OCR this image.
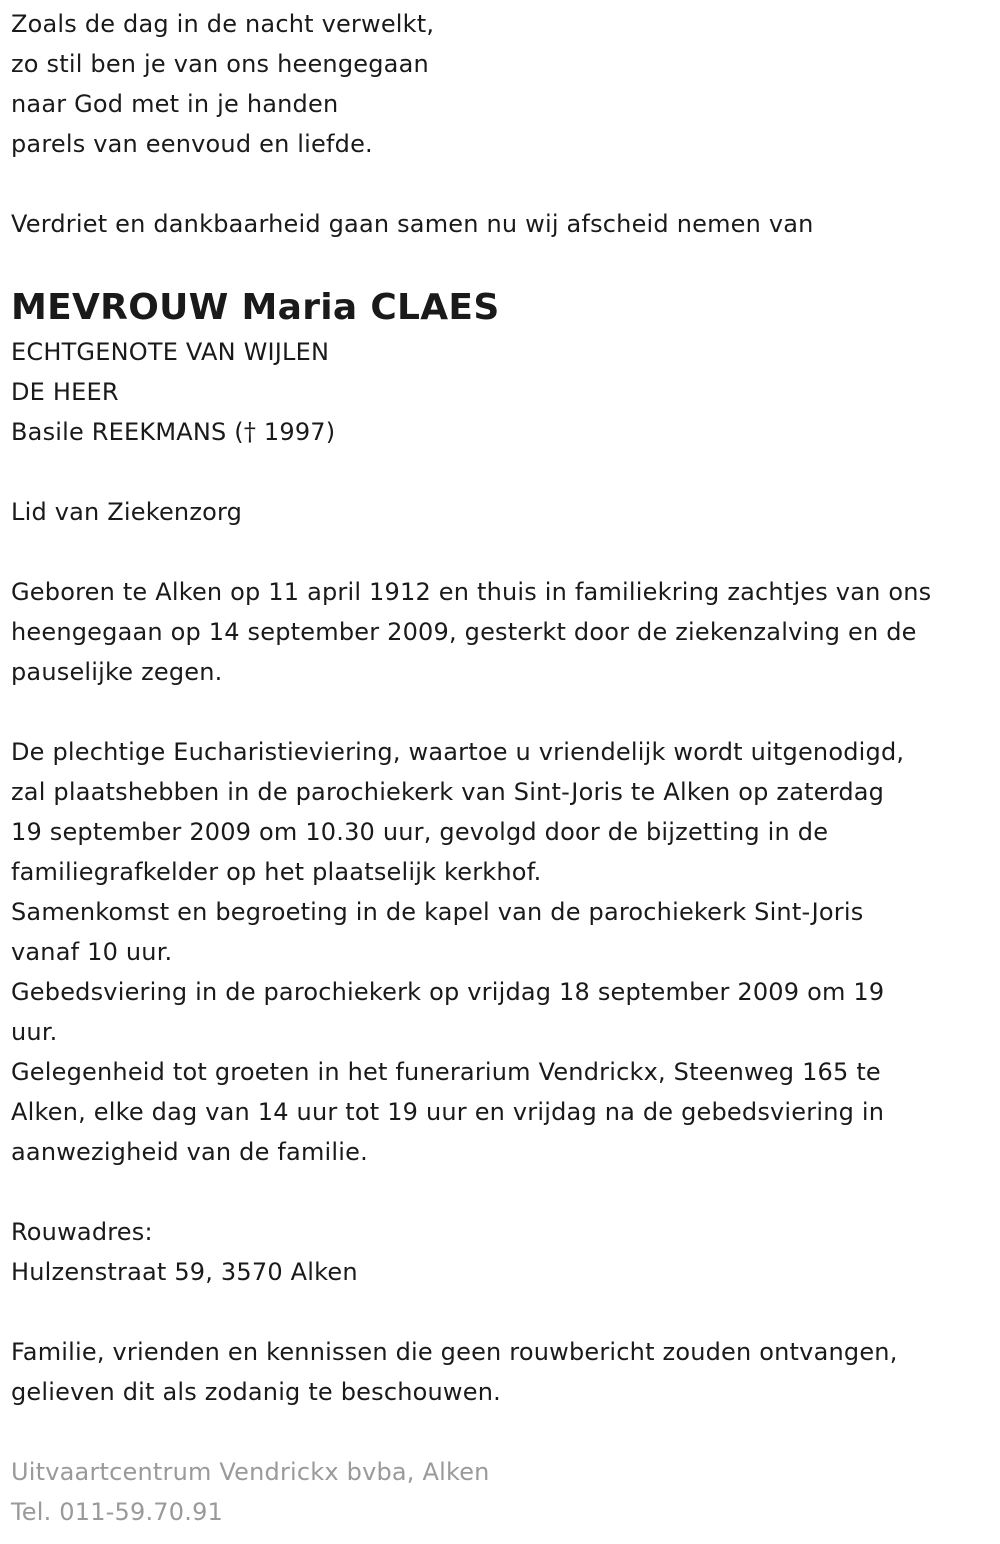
Zoals de dag in de nacht verwelkt,
zo stil ben je van ons heengegaan
naar God met in je handen
parels van eenvoud en liefde.
Verdriet en dankbaarheid gaan samen nu wij afscheid nemen van
MEVROUW Maria CLAES
ECHTGENOTE VAN WIJLEN
DE HEER
Basile REEKMANS († 1997)
Lid van Ziekenzorg
Geboren te Alken op 11 april 1912 en thuis in familiekring zachtjes van ons
heengegaan op 14 september 2009, gesterkt door de ziekenzalving en de
pauselijke zegen.
De plechtige Eucharistieviering, waartoe u vriendelijk wordt uitgenodigd,
zal plaatshebben in de parochiekerk van Sint-Joris te Alken op zaterdag
19 september 2009 om 10.30 uur, gevolgd door de bijzetting in de
familiegrafkelder op het plaatselijk kerkhof.
Samenkomst en begroeting in de kapel van de parochiekerk Sint-Joris
vanaf 10 uur.
Gebedsviering in de parochiekerk op vrijdag 18 september 2009 om 19
uur.
Gelegenheid tot groeten in het funerarium Vendrickx, Steenweg 165 te
Alken, elke dag van 14 uur tot 19 uur en vrijdag na de gebedsviering in
aanwezigheid van de familie.
Rouwadres:
Hulzenstraat 59, 3570 Alken
Familie, vrienden en kennissen die geen rouwbericht zouden ontvangen,
gelieven dit als zodanig te beschouwen.
Uitvaartcentrum Vendrickx bvba, Alken
Tel. 011-59.70.91
